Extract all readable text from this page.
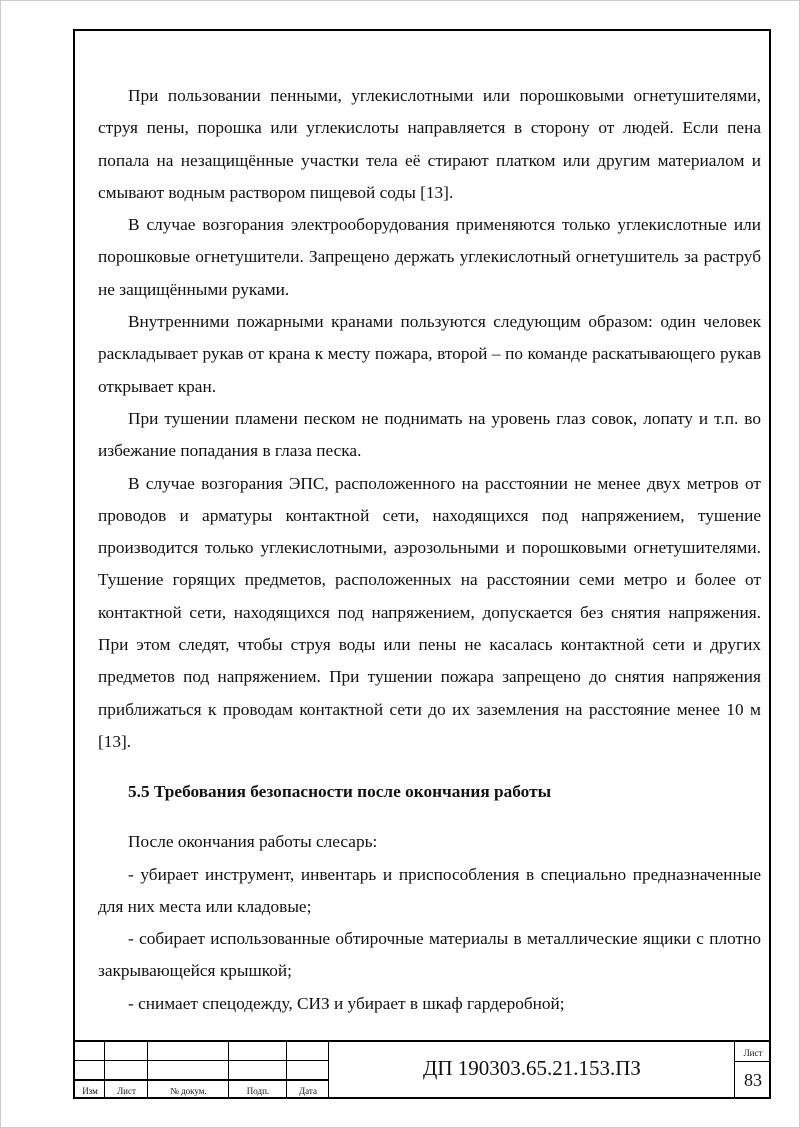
При пользовании пенными, углекислотными или порошковыми огнетушителями, струя пены, порошка или углекислоты направляется в сторону от людей. Если пена попала на незащищённые участки тела её стирают платком или другим материалом и смывают водным раствором пищевой соды [13].

В случае возгорания электрооборудования применяются только углекислотные или порошковые огнетушители. Запрещено держать углекислотный огнетушитель за раструб не защищёнными руками.

Внутренними пожарными кранами пользуются следующим образом: один человек раскладывает рукав от крана к месту пожара, второй – по команде раскатывающего рукав открывает кран.

При тушении пламени песком не поднимать на уровень глаз совок, лопату и т.п. во избежание попадания в глаза песка.

В случае возгорания ЭПС, расположенного на расстоянии не менее двух метров от проводов и арматуры контактной сети, находящихся под напряжением, тушение производится только углекислотными, аэрозольными и порошковыми огнетушителями. Тушение горящих предметов, расположенных на расстоянии семи метро и более от контактной сети, находящихся под напряжением, допускается без снятия напряжения. При этом следят, чтобы струя воды или пены не касалась контактной сети и других предметов под напряжением. При тушении пожара запрещено до снятия напряжения приближаться к проводам контактной сети до их заземления на расстояние менее 10 м [13].

5.5 Требования безопасности после окончания работы

После окончания работы слесарь:

- убирает инструмент, инвентарь и приспособления в специально предназначенные для них места или кладовые;

- собирает использованные обтирочные материалы в металлические ящики с плотно закрывающейся крышкой;

- снимает спецодежду, СИЗ и убирает в шкаф гардеробной;

Изм	Лист	№ докум.	Подп.	Дата
ДП 190303.65.21.153.ПЗ
Лист
83
